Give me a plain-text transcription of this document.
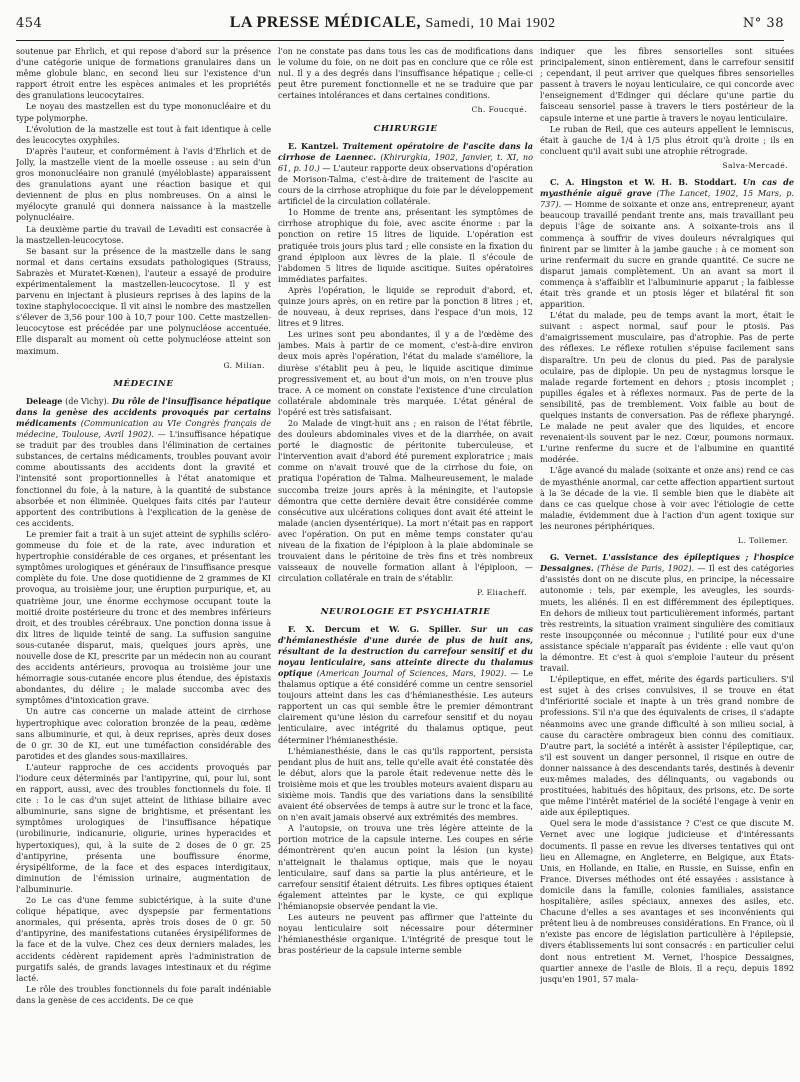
454	LA PRESSE MÉDICALE, Samedi, 10 Mai 1902	N° 38

soutenue par Ehrlich, et qui repose d'abord sur la présence d'une catégorie unique de formations granulaires dans un même globule blanc, en second lieu sur l'existence d'un rapport étroit entre les espèces animales et les propriétés des granulations leucocytaires.

Le noyau des mastzellen est du type mononucléaire et du type polymorphe.

L'évolution de la mastzelle est tout à fait identique à celle des leucocytes oxyphiles.

D'après l'auteur, et conformément à l'avis d'Ehrlich et de Jolly, la mastzelle vient de la moelle osseuse : au sein d'un gros mononucléaire non granulé (myéloblaste) apparaissent des granulations ayant une réaction basique et qui deviennent de plus en plus nombreuses. On a ainsi le myélocyte granulé qui donnera naissance à la mastzelle polynucléaire.

La deuxième partie du travail de Levaditi est consacrée à la mastzellen-leucocytose.

Se basant sur la présence de la mastzelle dans le sang normal et dans certains exsudats pathologiques (Strauss, Sabrazès et Muratet-Kœnen), l'auteur a essayé de produire expérimentalement la mastzellen-leucocytose. Il y est parvenu en injectant à plusieurs reprises à des lapins de la toxine staphylococcique. Il vit ainsi le nombre des mastzellen s'élever de 3,56 pour 100 à 10,7 pour 100. Cette mastzellen-leucocytose est précédée par une polynucléose accentuée. Elle disparaît au moment où cette polynucléose atteint son maximum.

G. Milian.
MÉDECINE

Deleage (de Vichy). Du rôle de l'insuffisance hépatique dans la genèse des accidents provoqués par certains médicaments (Communication au VIe Congrès français de médecine, Toulouse, Avril 1902). — L'insuffisance hépatique se traduit par des troubles dans l'élimination de certaines substances, de certains médicaments, troubles pouvant avoir comme aboutissants des accidents dont la gravité et l'intensité sont proportionnelles à l'état anatomique et fonctionnel du foie, à la nature, à la quantité de substance absorbée et non éliminée. Quelques faits cités par l'auteur apportent des contributions à l'explication de la genèse de ces accidents.

Le premier fait a trait à un sujet atteint de syphilis scléro-gommeuse du foie et de la rate, avec induration et hypertrophie considérable de ces organes, et présentant les symptômes urologiques et généraux de l'insuffisance presque complète du foie. Une dose quotidienne de 2 grammes de KI provoqua, au troisième jour, une éruption purpurique, et, au quatrième jour, une énorme ecchymose occupant toute la moitié droite postérieure du tronc et des membres inférieurs droit, et des troubles cérébraux. Une ponction donna issue à dix litres de liquide teinté de sang. La suffusion sanguine sous-cutanée disparut, mais, quelques jours après, une nouvelle dose de KI, prescrite par un médecin non au courant des accidents antérieurs, provoqua au troisième jour une hémorragie sous-cutanée encore plus étendue, des épistaxis abondantes, du délire ; le malade succomba avec des symptômes d'intoxication grave.

Un autre cas concerne un malade atteint de cirrhose hypertrophique avec coloration bronzée de la peau, œdème sans albuminurie, et qui, à deux reprises, après deux doses de 0 gr. 30 de KI, eut une tuméfaction considérable des parotides et des glandes sous-maxillaires.

L'auteur rapproche de ces accidents provoqués par l'iodure ceux déterminés par l'antipyrine, qui, pour lui, sont en rapport, aussi, avec des troubles fonctionnels du foie. Il cite : 1o le cas d'un sujet atteint de lithiase biliaire avec albuminurie, sans signe de brightisme, et présentant les symptômes urologiques de l'insuffisance hépatique (urobilinurie, indicanurie, oligurie, urines hyperacides et hypertoxiques), qui, à la suite de 2 doses de 0 gr. 25 d'antipyrine, présenta une bouffissure énorme, érysipéliforme, de la face et des espaces interdigitaux, diminution de l'émission urinaire, augmentation de l'albuminurie.

2o Le cas d'une femme subictérique, à la suite d'une colique hépatique, avec dyspepsie par fermentations anormales, qui présenta, après trois doses de 0 gr. 50 d'antipyrine, des manifestations cutanées érysipéliformes de la face et de la vulve. Chez ces deux derniers malades, les accidents cédèrent rapidement après l'administration de purgatifs salés, de grands lavages intestinaux et du régime lacté.

Le rôle des troubles fonctionnels du foie paraît indéniable dans la genèse de ces accidents. De ce que

l'on ne constate pas dans tous les cas de modifications dans le volume du foie, on ne doit pas en conclure que ce rôle est nul. Il y a des degrés dans l'insuffisance hépatique ; celle-ci peut être purement fonctionnelle et ne se traduire que par certaines intolérances et dans certaines conditions.

Ch. Foucqué.
CHIRURGIE

E. Kantzel. Traitement opératoire de l'ascite dans la cirrhose de Laennec. (Khirurgkia, 1902, Janvier, t. XI, no 61, p. 10.) — L'auteur rapporte deux observations d'opération de Morison-Talma, c'est-à-dire de traitement de l'ascite au cours de la cirrhose atrophique du foie par le développement artificiel de la circulation collatérale.

1o Homme de trente ans, présentant les symptômes de cirrhose atrophique du foie, avec ascite énorme : par la ponction on retire 15 litres de liquide. L'opération est pratiquée trois jours plus tard ; elle consiste en la fixation du grand épiploon aux lèvres de la plaie. Il s'écoule de l'abdomen 5 litres de liquide ascitique. Suites opératoires immédiates parfaites.

Après l'opération, le liquide se reproduit d'abord, et, quinze jours après, on en retire par la ponction 8 litres ; et, de nouveau, à deux reprises, dans l'espace d'un mois, 12 litres et 9 litres.

Les urines sont peu abondantes, il y a de l'œdème des jambes. Mais à partir de ce moment, c'est-à-dire environ deux mois après l'opération, l'état du malade s'améliore, la diurèse s'établit peu à peu, le liquide ascitique diminue progressivement et, au bout d'un mois, on n'en trouve plus trace. A ce moment on constate l'existence d'une circulation collatérale abdominale très marquée. L'état général de l'opéré est très satisfaisant.

2o Malade de vingt-huit ans ; en raison de l'état fébrile, des douleurs abdominales vives et de la diarrhée, on avait porté le diagnostic de péritonite tuberculeuse, et l'intervention avait d'abord été purement exploratrice ; mais comme on n'avait trouvé que de la cirrhose du foie, on pratiqua l'opération de Talma. Malheureusement, le malade succomba treize jours après à la méningite, et l'autopsie démontra que cette dernière devait être considérée comme consécutive aux ulcérations coliques dont avait été atteint le malade (ancien dysentérique). La mort n'était pas en rapport avec l'opération. On put en même temps constater qu'au niveau de la fixation de l'épiploon à la plaie abdominale se trouvaient dans le péritoine de très fins et très nombreux vaisseaux de nouvelle formation allant à l'épiploon, — circulation collatérale en train de s'établir.

P. Eliacheff.
NEUROLOGIE ET PSYCHIATRIE

F. X. Dercum et W. G. Spiller. Sur un cas d'hémianesthésie d'une durée de plus de huit ans, résultant de la destruction du carrefour sensitif et du noyau lenticulaire, sans atteinte directe du thalamus optique (American Journal of Sciences, Mars, 1902). — Le thalamus optique a été considéré comme un centre sensoriel toujours atteint dans les cas d'hémianesthésie. Les auteurs rapportent un cas qui semble être le premier démontrant clairement qu'une lésion du carrefour sensitif et du noyau lenticulaire, avec intégrité du thalamus optique, peut déterminer l'hémianesthésie.

L'hémianesthésie, dans le cas qu'ils rapportent, persista pendant plus de huit ans, telle qu'elle avait été constatée dès le début, alors que la parole était redevenue nette dès le troisième mois et que les troubles moteurs avaient disparu au sixième mois. Tandis que des variations dans la sensibilité avaient été observées de temps à autre sur le tronc et la face, on n'en avait jamais observé aux extrémités des membres.

A l'autopsie, on trouva une très légère atteinte de la portion motrice de la capsule interne. Les coupes en série démontrèrent qu'en aucun point la lésion (un kyste) n'atteignait le thalamus optique, mais que le noyau lenticulaire, sauf dans sa partie la plus antérieure, et le carrefour sensitif étaient détruits. Les fibres optiques étaient également atteintes par le kyste, ce qui explique l'hémianopsie observée pendant la vie.

Les auteurs ne peuvent pas affirmer que l'atteinte du noyau lenticulaire soit nécessaire pour déterminer l'hémianesthésie organique. L'intégrité de presque tout le bras postérieur de la capsule interne semble

indiquer que les fibres sensorielles sont situées principalement, sinon entièrement, dans le carrefour sensitif ; cependant, il peut arriver que quelques fibres sensorielles passent à travers le noyau lenticulaire, ce qui concorde avec l'enseignement d'Edinger qui déclare qu'une partie du faisceau sensoriel passe à travers le tiers postérieur de la capsule interne et une partie à travers le noyau lenticulaire.

Le ruban de Reil, que ces auteurs appellent le lemniscus, était à gauche de 1/4 à 1/5 plus étroit qu'à droite ; ils en concluent qu'il avait subi une atrophie rétrograde.

Salva-Mercadé.

C. A. Hingston et W. H. B. Stoddart. Un cas de myasthénie aiguë grave (The Lancet, 1902, 15 Mars, p. 737). — Homme de soixante et onze ans, entrepreneur, ayant beaucoup travaillé pendant trente ans, mais travaillant peu depuis l'âge de soixante ans. A soixante-trois ans il commença à souffrir de vives douleurs névralgiques qui finirent par se limiter à la jambe gauche : à ce moment son urine renfermait du sucre en grande quantité. Ce sucre ne disparut jamais complètement. Un an avant sa mort il commença à s'affaiblir et l'albuminurie apparut ; la faiblesse était très grande et un ptosis léger et bilatéral fit son apparition.

L'état du malade, peu de temps avant la mort, était le suivant : aspect normal, sauf pour le ptosis. Pas d'amaigrissement musculaire, pas d'atrophie. Pas de perte des réflexes. Le réflexe rotulien s'épuise facilement sans disparaître. Un peu de clonus du pied. Pas de paralysie oculaire, pas de diplopie. Un peu de nystagmus lorsque le malade regarde fortement en dehors ; ptosis incomplet ; pupilles égales et à réflexes normaux. Pas de perte de la sensibilité, pas de tremblement. Voix faible au bout de quelques instants de conversation. Pas de réflexe pharyngé. Le malade ne peut avaler que des liquides, et encore revenaient-ils souvent par le nez. Cœur, poumons normaux. L'urine renferme du sucre et de l'albumine en quantité modérée.

L'âge avancé du malade (soixante et onze ans) rend ce cas de myasthénie anormal, car cette affection appartient surtout à la 3e décade de la vie. Il semble bien que le diabète ait dans ce cas quelque chose à voir avec l'étiologie de cette maladie, évidemment due à l'action d'un agent toxique sur les neurones périphériques.

L. Tollemer.

G. Vernet. L'assistance des épileptiques ; l'hospice Dessaignes. (Thèse de Paris, 1902). — Il est des catégories d'assistés dont on ne discute plus, en principe, la nécessaire autonomie : tels, par exemple, les aveugles, les sourds-muets, les aliénés. Il en est différemment des épileptiques. En dehors de milieux tout particulièrement informés, partant très restreints, la situation vraiment singulière des comitiaux reste insoupçonnée ou méconnue ; l'utilité pour eux d'une assistance spéciale n'apparaît pas évidente : elle vaut qu'on la démontre. Et c'est à quoi s'emploie l'auteur du présent travail.

L'épileptique, en effet, mérite des égards particuliers. S'il est sujet à des crises convulsives, il se trouve en état d'infériorité sociale et inapte à un très grand nombre de professions. S'il n'a que des équivalents de crises, il s'adapte néanmoins avec une grande difficulté à son milieu social, à cause du caractère ombrageux bien connu des comitiaux. D'autre part, la société a intérêt à assister l'épileptique, car, s'il est souvent un danger personnel, il risque en outre de donner naissance à des descendants tarés, destinés à devenir eux-mêmes malades, des délinquants, ou vagabonds ou prostituées, habitués des hôpitaux, des prisons, etc. De sorte que même l'intérêt matériel de la société l'engage à venir en aide aux épileptiques.

Quel sera le mode d'assistance ? C'est ce que discute M. Vernet avec une logique judicieuse et d'intéressants documents. Il passe en revue les diverses tentatives qui ont lieu en Allemagne, en Angleterre, en Belgique, aux États-Unis, en Hollande, en Italie, en Russie, en Suisse, enfin en France. Diverses méthodes ont été essayées : assistance à domicile dans la famille, colonies familiales, assistance hospitalière, asiles spéciaux, annexes des asiles, etc. Chacune d'elles a ses avantages et ses inconvénients qui prêtent lieu à de nombreuses considérations. En France, où il n'existe pas encore de législation particulière à l'épilepsie, divers établissements lui sont consacrés : en particulier celui dont nous entretient M. Vernet, l'hospice Dessaignes, quartier annexe de l'asile de Blois. Il a reçu, depuis 1892 jusqu'en 1901, 57 mala-
